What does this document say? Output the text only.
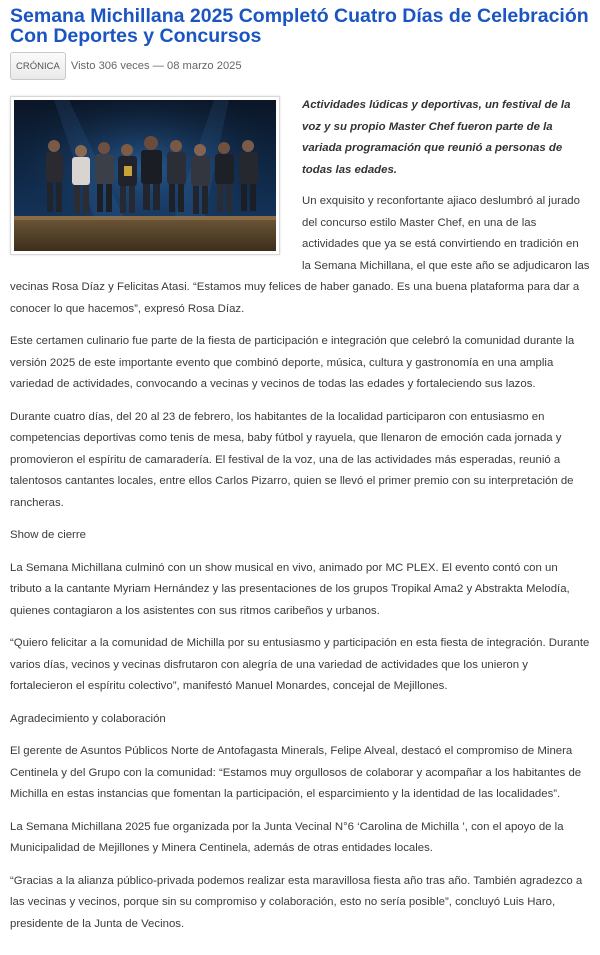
Semana Michillana 2025 Completó Cuatro Días de Celebración Con Deportes y Concursos
CRÓNICA Visto 306 veces — 08 marzo 2025

Actividades lúdicas y deportivas, un festival de la voz y su propio Master Chef fueron parte de la variada programación que reunió a personas de todas las edades.

Un exquisito y reconfortante ajiaco deslumbró al jurado del concurso estilo Master Chef, en una de las actividades que ya se está convirtiendo en tradición en la Semana Michillana, el que este año se adjudicaron las vecinas Rosa Díaz y Felicitas Atasi. “Estamos muy felices de haber ganado. Es una buena plataforma para dar a conocer lo que hacemos”, expresó Rosa Díaz.

Este certamen culinario fue parte de la fiesta de participación e integración que celebró la comunidad durante la versión 2025 de este importante evento que combinó deporte, música, cultura y gastronomía en una amplia variedad de actividades, convocando a vecinas y vecinos de todas las edades y fortaleciendo sus lazos.

Durante cuatro días, del 20 al 23 de febrero, los habitantes de la localidad participaron con entusiasmo en competencias deportivas como tenis de mesa, baby fútbol y rayuela, que llenaron de emoción cada jornada y promovieron el espíritu de camaradería. El festival de la voz, una de las actividades más esperadas, reunió a talentosos cantantes locales, entre ellos Carlos Pizarro, quien se llevó el primer premio con su interpretación de rancheras.

Show de cierre

La Semana Michillana culminó con un show musical en vivo, animado por MC PLEX. El evento contó con un tributo a la cantante Myriam Hernández y las presentaciones de los grupos Tropikal Ama2 y Abstrakta Melodía, quienes contagiaron a los asistentes con sus ritmos caribeños y urbanos.

“Quiero felicitar a la comunidad de Michilla por su entusiasmo y participación en esta fiesta de integración. Durante varios días, vecinos y vecinas disfrutaron con alegría de una variedad de actividades que los unieron y fortalecieron el espíritu colectivo”, manifestó Manuel Monardes, concejal de Mejillones.

Agradecimiento y colaboración

El gerente de Asuntos Públicos Norte de Antofagasta Minerals, Felipe Alveal, destacó el compromiso de Minera Centinela y del Grupo con la comunidad: “Estamos muy orgullosos de colaborar y acompañar a los habitantes de Michilla en estas instancias que fomentan la participación, el esparcimiento y la identidad de las localidades”.

La Semana Michillana 2025 fue organizada por la Junta Vecinal N°6 ‘Carolina de Michilla ’, con el apoyo de la Municipalidad de Mejillones y Minera Centinela, además de otras entidades locales.

“Gracias a la alianza público-privada podemos realizar esta maravillosa fiesta año tras año. También agradezco a las vecinas y vecinos, porque sin su compromiso y colaboración, esto no sería posible”, concluyó Luis Haro, presidente de la Junta de Vecinos.
